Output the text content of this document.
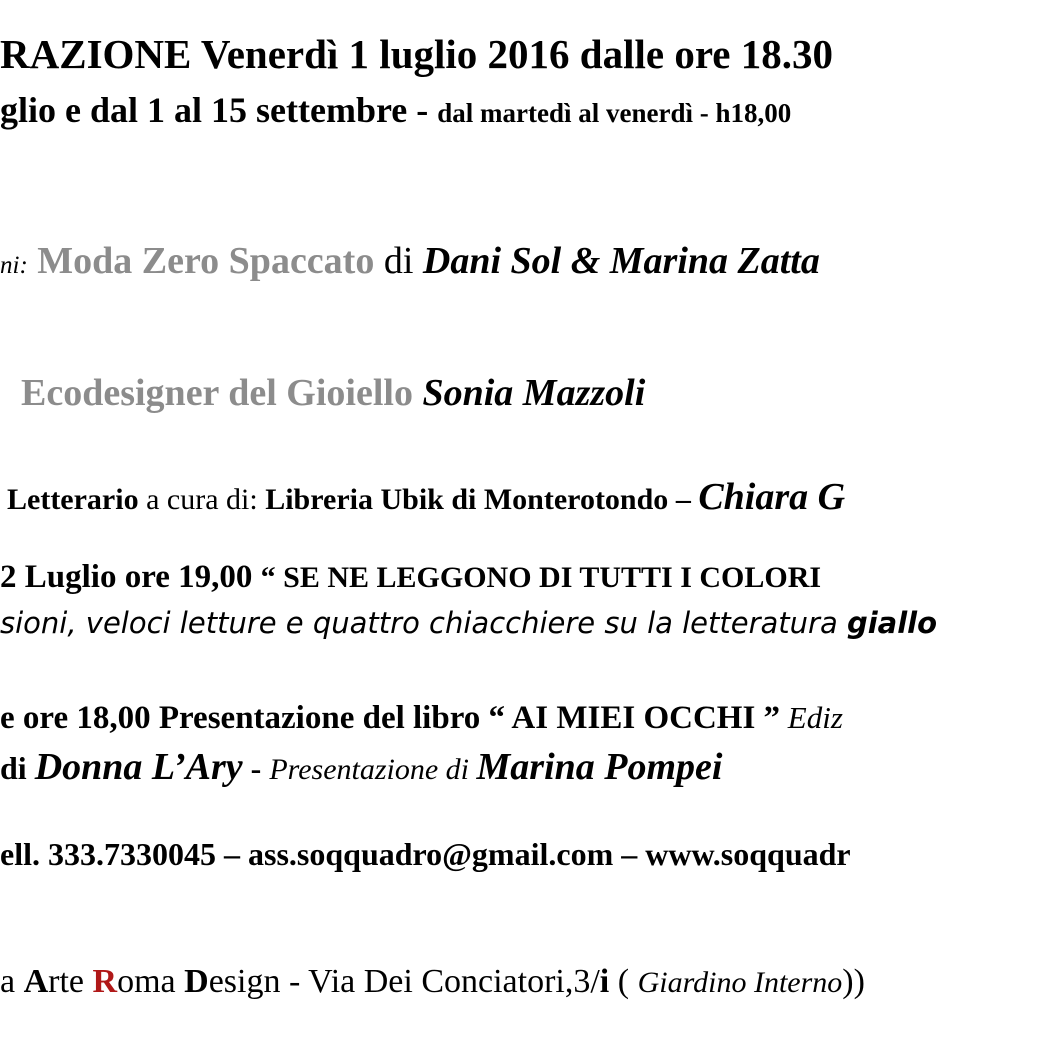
RAZIONE Venerdì 1 luglio 2016 dalle ore 18.30
glio e dal 1 al 15 settembre - dal martedì al venerdì - h18,00
ni: Moda Zero Spaccato di Dani Sol & Marina Zatta
Ecodesigner del Gioiello Sonia Mazzoli
Letterario a cura di: Libreria Ubik di Monterotondo – Chiara G
2 Luglio ore 19,00 “ SE NE LEGGONO DI TUTTI I COLORI
sioni, veloci letture e quattro chiacchiere su la letteratura giallo
e ore 18,00 Presentazione del libro “ AI MIEI OCCHI ” Ediz
di Donna L’Ary - Presentazione di Marina Pompei
ell. 333.7330045 – ass.soqquadro@gmail.com – www.soqquadr
a Arte Roma Design - Via Dei Conciatori,3/i ( Giardino Interno))
